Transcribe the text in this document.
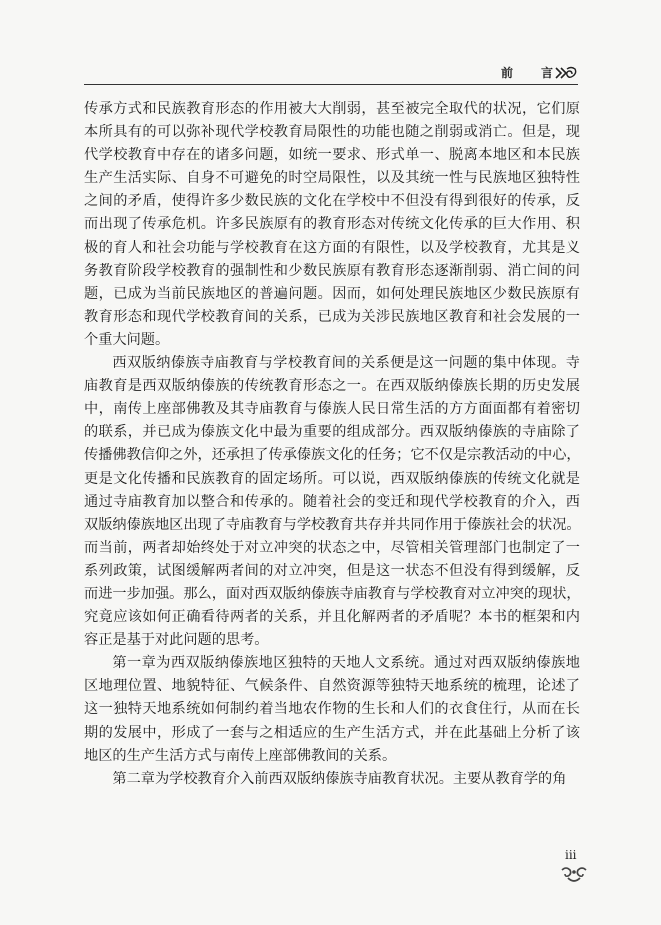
前 言
传承方式和民族教育形态的作用被大大削弱，甚至被完全取代的状况，它们原
本所具有的可以弥补现代学校教育局限性的功能也随之削弱或消亡。但是，现
代学校教育中存在的诸多问题，如统一要求、形式单一、脱离本地区和本民族
生产生活实际、自身不可避免的时空局限性，以及其统一性与民族地区独特性
之间的矛盾，使得许多少数民族的文化在学校中不但没有得到很好的传承，反
而出现了传承危机。许多民族原有的教育形态对传统文化传承的巨大作用、积
极的育人和社会功能与学校教育在这方面的有限性，以及学校教育，尤其是义
务教育阶段学校教育的强制性和少数民族原有教育形态逐渐削弱、消亡间的问
题，已成为当前民族地区的普遍问题。因而，如何处理民族地区少数民族原有
教育形态和现代学校教育间的关系，已成为关涉民族地区教育和社会发展的一
个重大问题。
西双版纳傣族寺庙教育与学校教育间的关系便是这一问题的集中体现。寺
庙教育是西双版纳傣族的传统教育形态之一。在西双版纳傣族长期的历史发展
中，南传上座部佛教及其寺庙教育与傣族人民日常生活的方方面面都有着密切
的联系，并已成为傣族文化中最为重要的组成部分。西双版纳傣族的寺庙除了
传播佛教信仰之外，还承担了传承傣族文化的任务；它不仅是宗教活动的中心，
更是文化传播和民族教育的固定场所。可以说，西双版纳傣族的传统文化就是
通过寺庙教育加以整合和传承的。随着社会的变迁和现代学校教育的介入，西
双版纳傣族地区出现了寺庙教育与学校教育共存并共同作用于傣族社会的状况。
而当前，两者却始终处于对立冲突的状态之中，尽管相关管理部门也制定了一
系列政策，试图缓解两者间的对立冲突，但是这一状态不但没有得到缓解，反
而进一步加强。那么，面对西双版纳傣族寺庙教育与学校教育对立冲突的现状，
究竟应该如何正确看待两者的关系，并且化解两者的矛盾呢？本书的框架和内
容正是基于对此问题的思考。
第一章为西双版纳傣族地区独特的天地人文系统。通过对西双版纳傣族地
区地理位置、地貌特征、气候条件、自然资源等独特天地系统的梳理，论述了
这一独特天地系统如何制约着当地农作物的生长和人们的衣食住行，从而在长
期的发展中，形成了一套与之相适应的生产生活方式，并在此基础上分析了该
地区的生产生活方式与南传上座部佛教间的关系。
第二章为学校教育介入前西双版纳傣族寺庙教育状况。主要从教育学的角
iii
